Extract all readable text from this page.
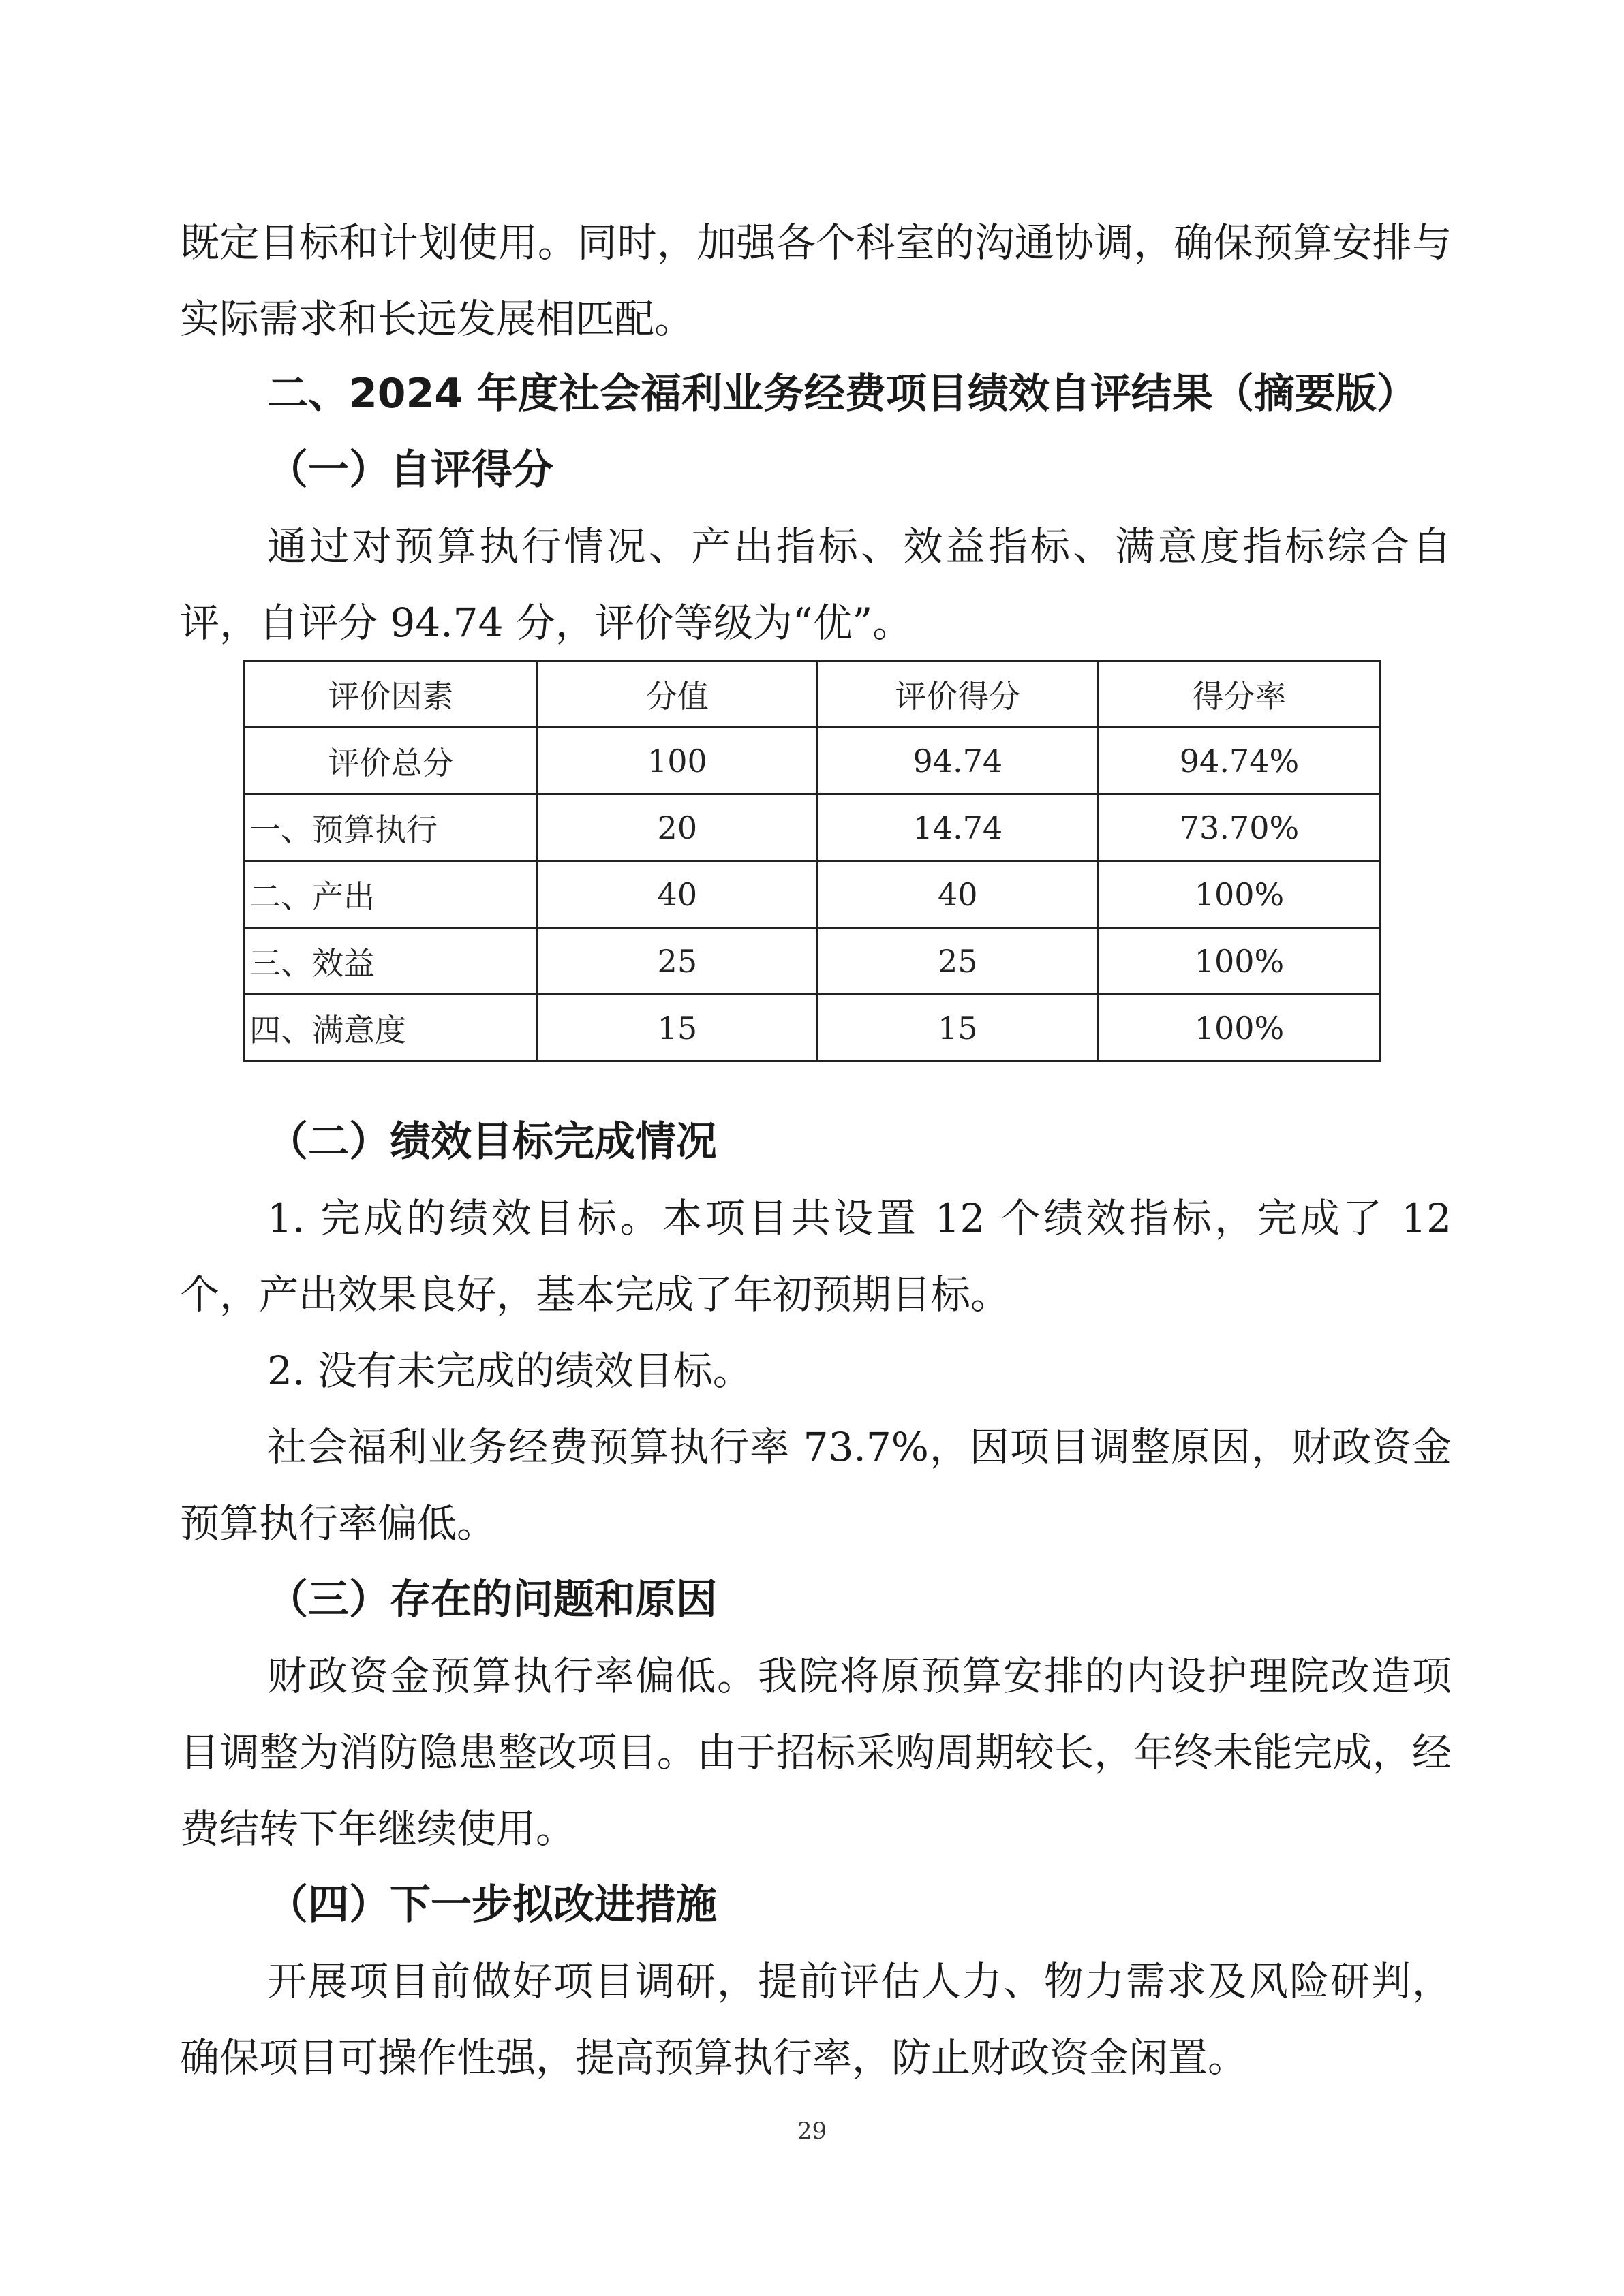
既定目标和计划使用。同时，加强各个科室的沟通协调，确保预算安排与实际需求和长远发展相匹配。

二、2024 年度社会福利业务经费项目绩效自评结果（摘要版）

（一）自评得分

通过对预算执行情况、产出指标、效益指标、满意度指标综合自评，自评分 94.74 分，评价等级为“优”。

评价因素	分值	评价得分	得分率
评价总分	100	94.74	94.74%
一、预算执行	20	14.74	73.70%
二、产出	40	40	100%
三、效益	25	25	100%
四、满意度	15	15	100%

（二）绩效目标完成情况

1. 完成的绩效目标。本项目共设置 12 个绩效指标，完成了 12 个，产出效果良好，基本完成了年初预期目标。

2. 没有未完成的绩效目标。

社会福利业务经费预算执行率 73.7%，因项目调整原因，财政资金预算执行率偏低。

（三）存在的问题和原因

财政资金预算执行率偏低。我院将原预算安排的内设护理院改造项目调整为消防隐患整改项目。由于招标采购周期较长，年终未能完成，经费结转下年继续使用。

（四）下一步拟改进措施

开展项目前做好项目调研，提前评估人力、物力需求及风险研判，确保项目可操作性强，提高预算执行率，防止财政资金闲置。

29
